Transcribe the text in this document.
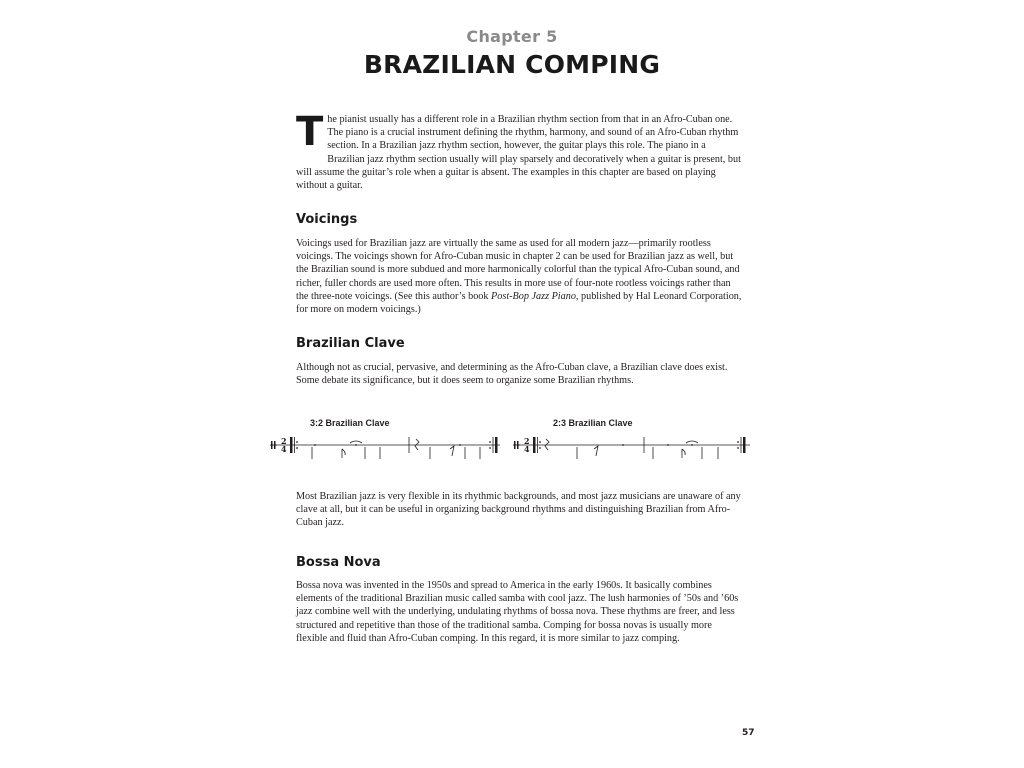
Chapter 5
BRAZILIAN COMPING

The pianist usually has a different role in a Brazilian rhythm section from that in an Afro-Cuban one. The piano is a crucial instrument defining the rhythm, harmony, and sound of an Afro-Cuban rhythm section. In a Brazilian jazz rhythm section, however, the guitar plays this role. The piano in a Brazilian jazz rhythm section usually will play sparsely and decoratively when a guitar is present, but will assume the guitar’s role when a guitar is absent. The examples in this chapter are based on playing without a guitar.

Voicings

Voicings used for Brazilian jazz are virtually the same as used for all modern jazz—primarily rootless voicings. The voicings shown for Afro-Cuban music in chapter 2 can be used for Brazilian jazz as well, but the Brazilian sound is more subdued and more harmonically colorful than the typical Afro-Cuban sound, and richer, fuller chords are used more often. This results in more use of four-note rootless voicings rather than the three-note voicings. (See this author’s book Post-Bop Jazz Piano, published by Hal Leonard Corporation, for more on modern voicings.)

Brazilian Clave

Although not as crucial, pervasive, and determining as the Afro-Cuban clave, a Brazilian clave does exist. Some debate its significance, but it does seem to organize some Brazilian rhythms.

3:2 Brazilian Clave
2
4
2:3 Brazilian Clave
2
4

Most Brazilian jazz is very flexible in its rhythmic backgrounds, and most jazz musicians are unaware of any clave at all, but it can be useful in organizing background rhythms and distinguishing Brazilian from Afro-Cuban jazz.

Bossa Nova

Bossa nova was invented in the 1950s and spread to America in the early 1960s. It basically combines elements of the traditional Brazilian music called samba with cool jazz. The lush harmonies of ’50s and ’60s jazz combine well with the underlying, undulating rhythms of bossa nova. These rhythms are freer, and less structured and repetitive than those of the traditional samba. Comping for bossa novas is usually more flexible and fluid than Afro-Cuban comping. In this regard, it is more similar to jazz comping.

57
